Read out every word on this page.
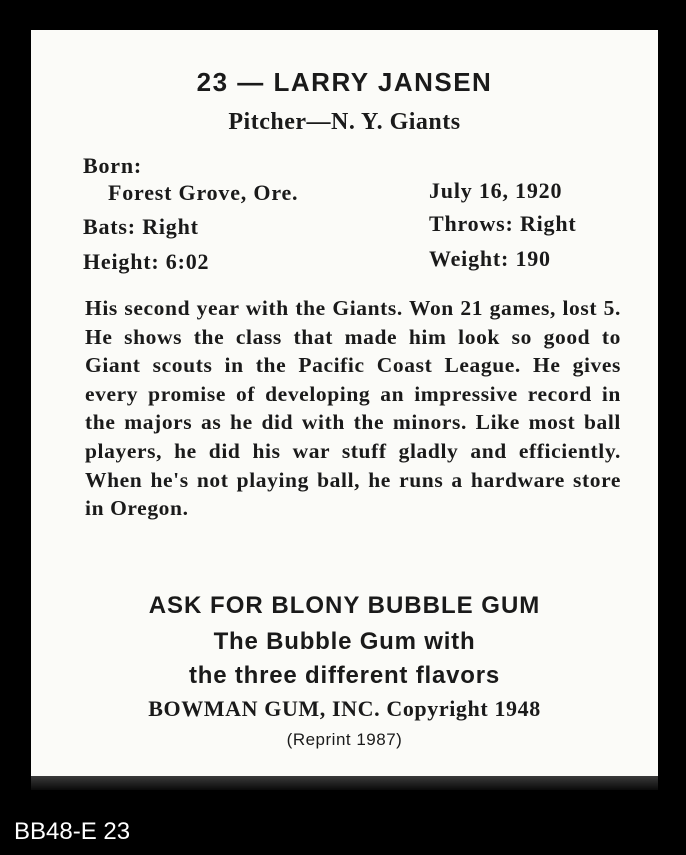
23 — LARRY JANSEN
Pitcher—N. Y. Giants
Born:
Forest Grove, Ore.	July 16, 1920
Bats: Right	Throws: Right
Height: 6:02	Weight: 190
His second year with the Giants. Won 21 games, lost 5. He shows the class that made him look so good to Giant scouts in the Pacific Coast League. He gives every promise of developing an impressive record in the majors as he did with the minors. Like most ball players, he did his war stuff gladly and efficiently. When he's not playing ball, he runs a hardware store in Oregon.
ASK FOR BLONY BUBBLE GUM
The Bubble Gum with
the three different flavors
BOWMAN GUM, INC. Copyright 1948
(Reprint 1987)
BB48-E 23
